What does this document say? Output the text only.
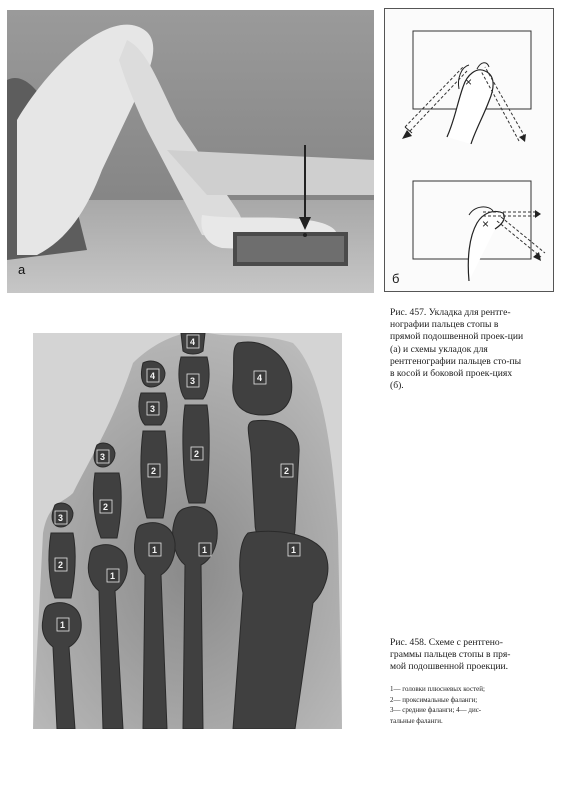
а
×
×
б
Рис. 457. Укладка для рентге-нографии пальцев стопы в прямой подошвенной проек-ции (а) и схемы укладок для рентгенографии пальцев сто-пы в косой и боковой проек-циях (б).
4
2
1
4
3
2
1
4
3
2
1
3
2
1
3
2
1
Рис. 458. Схеме с рентгено-граммы пальцев стопы в пря-мой подошвенной проекции.
1— головки плюсневых костей;
2— проксимальные фаланги;
3— средние фаланги; 4— дис-
тальные фаланги.
